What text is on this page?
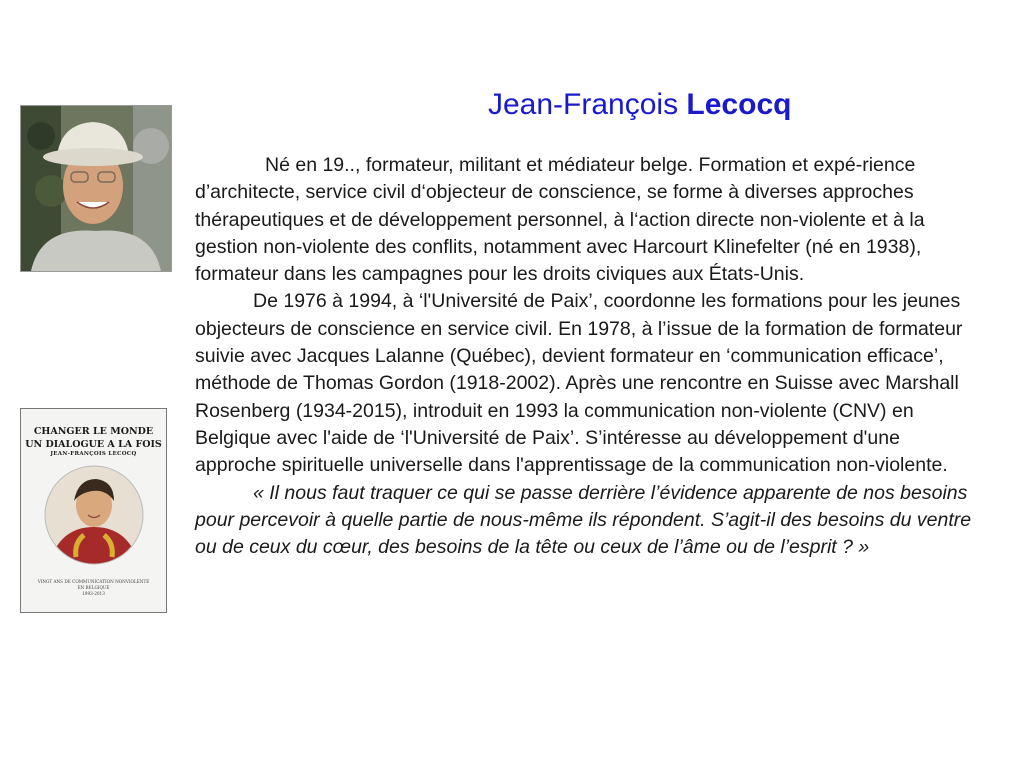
Jean-François Lecocq
CHANGER LE MONDE
UN DIALOGUE A LA FOIS
JEAN-FRANÇOIS LECOCQ
VINGT ANS DE COMMUNICATION NONVIOLENTE
EN BELGIQUE
1993-2013

Né en 19.., formateur, militant et médiateur belge. Formation et expé-rience d’architecte, service civil d‘objecteur de conscience, se forme à diverses approches thérapeutiques et de développement personnel, à l‘action directe non-violente et à la gestion non-violente des conflits, notamment avec Harcourt Klinefelter (né en 1938), formateur dans les campagnes pour les droits civiques aux États-Unis.

De 1976 à 1994, à ‘l'Université de Paix’, coordonne les formations pour les jeunes objecteurs de conscience en service civil. En 1978, à l’issue de la formation de formateur suivie avec Jacques Lalanne (Québec), devient formateur en ‘communication efficace’, méthode de Thomas Gordon (1918-2002). Après une rencontre en Suisse avec Marshall Rosenberg (1934-2015), introduit en 1993 la communication non-violente (CNV) en Belgique avec l'aide de ‘l'Université de Paix’. S’intéresse au développement d'une approche spirituelle universelle dans l'apprentissage de la communication non-violente.

« Il nous faut traquer ce qui se passe derrière l’évidence apparente de nos besoins pour percevoir à quelle partie de nous-même ils répondent. S’agit-il des besoins du ventre ou de ceux du cœur, des besoins de la tête ou ceux de l’âme ou de l’esprit ? »
